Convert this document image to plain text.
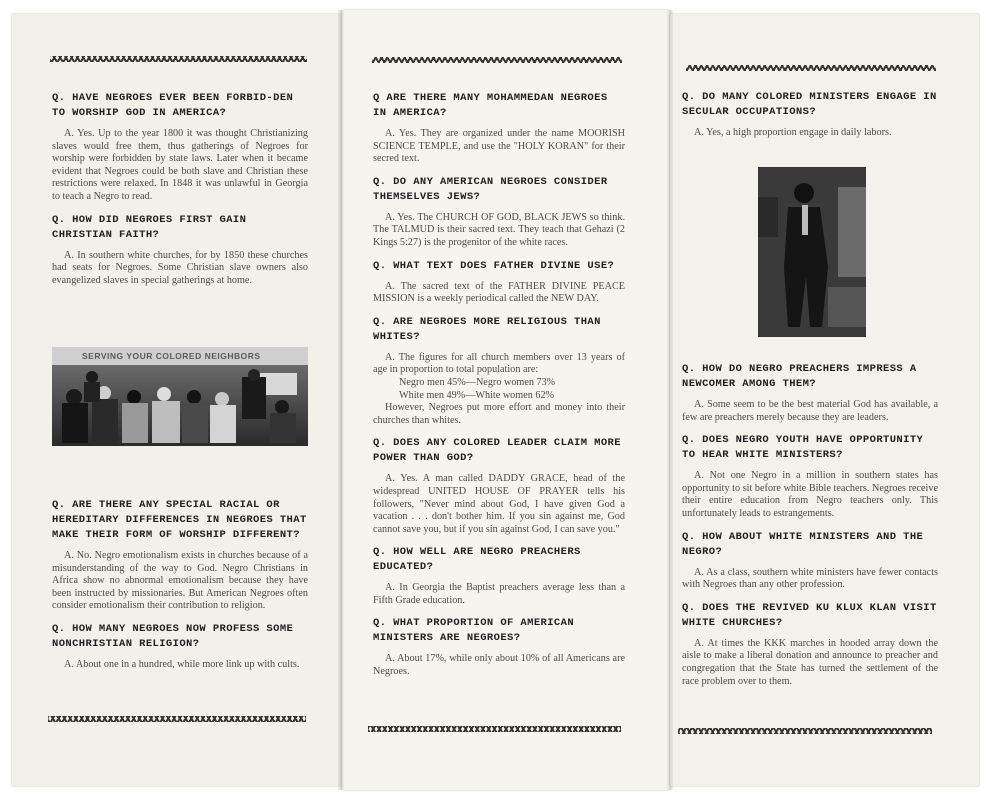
Q. HAVE NEGROES EVER BEEN FORBID-DEN TO WORSHIP GOD IN AMERICA?

A. Yes. Up to the year 1800 it was thought Christianizing slaves would free them, thus gatherings of Negroes for worship were forbidden by state laws. Later when it became evident that Negroes could be both slave and Christian these restrictions were relaxed. In 1848 it was unlawful in Georgia to teach a Negro to read.

Q. HOW DID NEGROES FIRST GAIN CHRISTIAN FAITH?

A. In southern white churches, for by 1850 these churches had seats for Negroes. Some Christian slave owners also evangelized slaves in special gatherings at home.

SERVING YOUR COLORED NEIGHBORS

Q. ARE THERE ANY SPECIAL RACIAL OR HEREDITARY DIFFERENCES IN NEGROES THAT MAKE THEIR FORM OF WORSHIP DIFFERENT?

A. No. Negro emotionalism exists in churches because of a misunderstanding of the way to God. Negro Christians in Africa show no abnormal emotionalism because they have been instructed by missionaries. But American Negroes often consider emotionalism their contribution to religion.

Q. HOW MANY NEGROES NOW PROFESS SOME NONCHRISTIAN RELIGION?

A. About one in a hundred, while more link up with cults.

Q ARE THERE MANY MOHAMMEDAN NEGROES IN AMERICA?

A. Yes. They are organized under the name MOORISH SCIENCE TEMPLE, and use the "HOLY KORAN" for their secred text.

Q. DO ANY AMERICAN NEGROES CONSIDER THEMSELVES JEWS?

A. Yes. The CHURCH OF GOD, BLACK JEWS so think. The TALMUD is their sacred text. They teach that Gehazi (2 Kings 5:27) is the progenitor of the white races.

Q. WHAT TEXT DOES FATHER DIVINE USE?

A. The sacred text of the FATHER DIVINE PEACE MISSION is a weekly periodical called the NEW DAY.

Q. ARE NEGROES MORE RELIGIOUS THAN WHITES?

A. The figures for all church members over 13 years of age in proportion to total population are:

Negro men 45%—Negro women 73%

White men 49%—White women 62%

However, Negroes put more effort and money into their churches than whites.

Q. DOES ANY COLORED LEADER CLAIM MORE POWER THAN GOD?

A. Yes. A man called DADDY GRACE, head of the widespread UNITED HOUSE OF PRAYER tells his followers, "Never mind about God, I have given God a vacation . . . don't bother him. If you sin against me, God cannot save you, but if you sin against God, I can save you."

Q. HOW WELL ARE NEGRO PREACHERS EDUCATED?

A. In Georgia the Baptist preachers average less than a Fifth Grade education.

Q. WHAT PROPORTION OF AMERICAN MINISTERS ARE NEGROES?

A. About 17%, while only about 10% of all Americans are Negroes.

Q. DO MANY COLORED MINISTERS ENGAGE IN SECULAR OCCUPATIONS?

A. Yes, a high proportion engage in daily labors.

Q. HOW DO NEGRO PREACHERS IMPRESS A NEWCOMER AMONG THEM?

A. Some seem to be the best material God has available, a few are preachers merely because they are leaders.

Q. DOES NEGRO YOUTH HAVE OPPORTUNITY TO HEAR WHITE MINISTERS?

A. Not one Negro in a million in southern states has opportunity to sit before white Bible teachers. Negroes receive their entire education from Negro teachers only. This unfortunately leads to estrangements.

Q. HOW ABOUT WHITE MINISTERS AND THE NEGRO?

A. As a class, southern white ministers have fewer contacts with Negroes than any other profession.

Q. DOES THE REVIVED KU KLUX KLAN VISIT WHITE CHURCHES?

A. At times the KKK marches in hooded array down the aisle to make a liberal donation and announce to preacher and congregation that the State has turned the settlement of the race problem over to them.
